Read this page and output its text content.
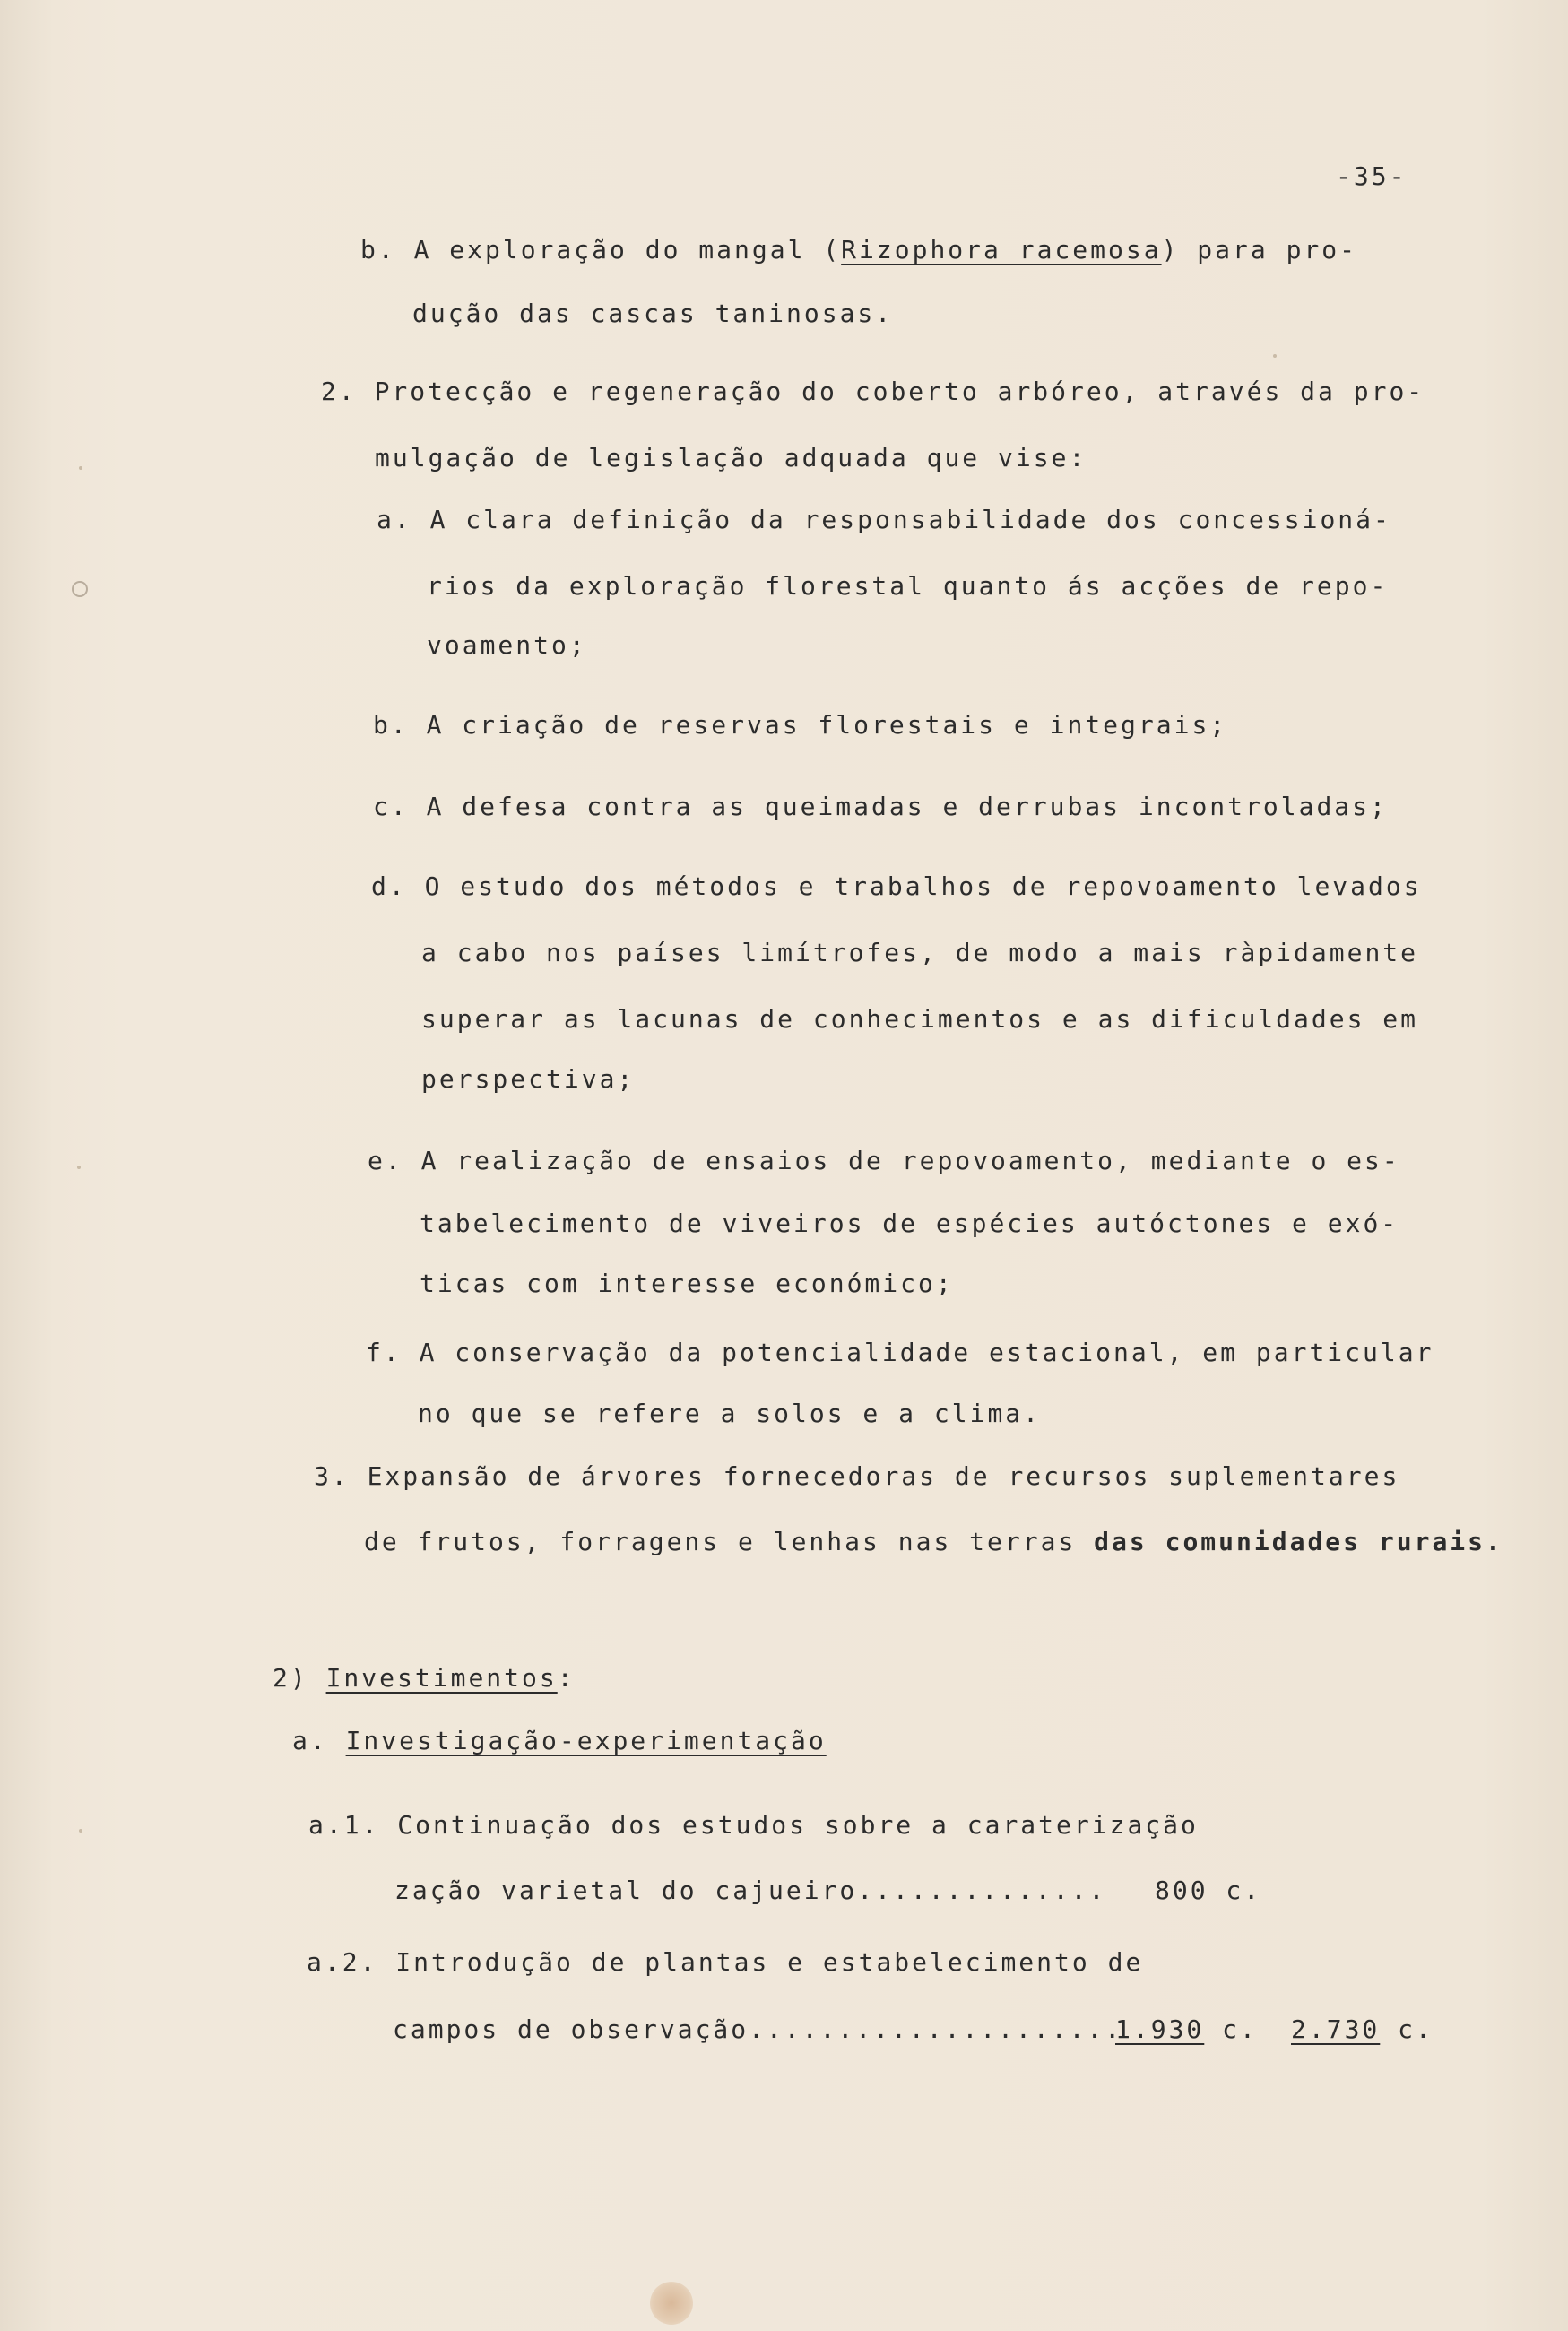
-35-
b. A exploração do mangal (Rizophora racemosa) para pro-
dução das cascas taninosas.
2. Protecção e regeneração do coberto arbóreo, através da pro-
mulgação de legislação adquada que vise:
a. A clara definição da responsabilidade dos concessioná-
rios da exploração florestal quanto ás acções de repo-
voamento;
b. A criação de reservas florestais e integrais;
c. A defesa contra as queimadas e derrubas incontroladas;
d. O estudo dos métodos e trabalhos de repovoamento levados
a cabo nos países limítrofes, de modo a mais ràpidamente
superar as lacunas de conhecimentos e as dificuldades em
perspectiva;
e. A realização de ensaios de repovoamento, mediante o es-
tabelecimento de viveiros de espécies autóctones e exó-
ticas com interesse económico;
f. A conservação da potencialidade estacional, em particular
no que se refere a solos e a clima.
3. Expansão de árvores fornecedoras de recursos suplementares
de frutos, forragens e lenhas nas terras das comunidades rurais.
2) Investimentos:
a. Investigação-experimentação
a.1. Continuação dos estudos sobre a caraterização
zação varietal do cajueiro.............. 800 c.
a.2. Introdução de plantas e estabelecimento de
campos de observação.....................
1.930 c. 2.730 c.
